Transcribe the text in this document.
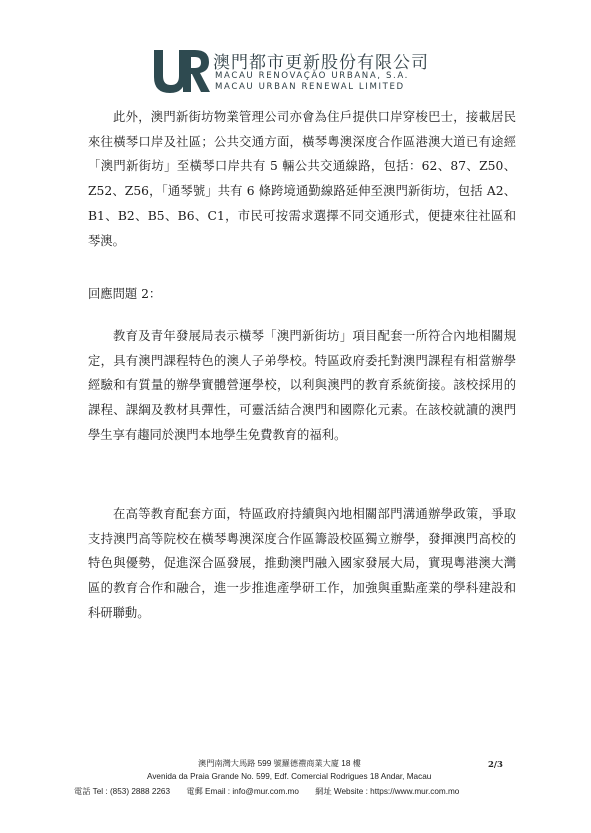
澳門都市更新股份有限公司
MACAU RENOVAÇÃO URBANA, S.A.
MACAU URBAN RENEWAL LIMITED

此外，澳門新街坊物業管理公司亦會為住戶提供口岸穿梭巴士，接載居民來往橫琴口岸及社區；公共交通方面，橫琴粵澳深度合作區港澳大道已有途經「澳門新街坊」至橫琴口岸共有 5 輛公共交通線路，包括：62、87、Z50、Z52、Z56，「通琴號」共有 6 條跨境通勤線路延伸至澳門新街坊，包括 A2、B1、B2、B5、B6、C1，市民可按需求選擇不同交通形式，便捷來往社區和琴澳。

回應問題 2：

教育及青年發展局表示橫琴「澳門新街坊」項目配套一所符合內地相關規定，具有澳門課程特色的澳人子弟學校。特區政府委托對澳門課程有相當辦學經驗和有質量的辦學實體營運學校，以利與澳門的教育系統銜接。該校採用的課程、課綱及教材具彈性，可靈活結合澳門和國際化元素。在該校就讀的澳門學生享有趨同於澳門本地學生免費教育的福利。

在高等教育配套方面，特區政府持續與內地相關部門溝通辦學政策，爭取支持澳門高等院校在橫琴粵澳深度合作區籌設校區獨立辦學，發揮澳門高校的特色與優勢，促進深合區發展，推動澳門融入國家發展大局，實現粵港澳大灣區的教育合作和融合，進一步推進產學研工作，加強與重點產業的學科建設和科研聯動。

澳門南灣大馬路 599 號羅德禮商業大廈 18 樓	2/3
Avenida da Praia Grande No. 599, Edf. Comercial Rodrigues 18 Andar, Macau
電話 Tel : (853) 2888 2263　　電郵 Email : info@mur.com.mo　　網址 Website : https://www.mur.com.mo
